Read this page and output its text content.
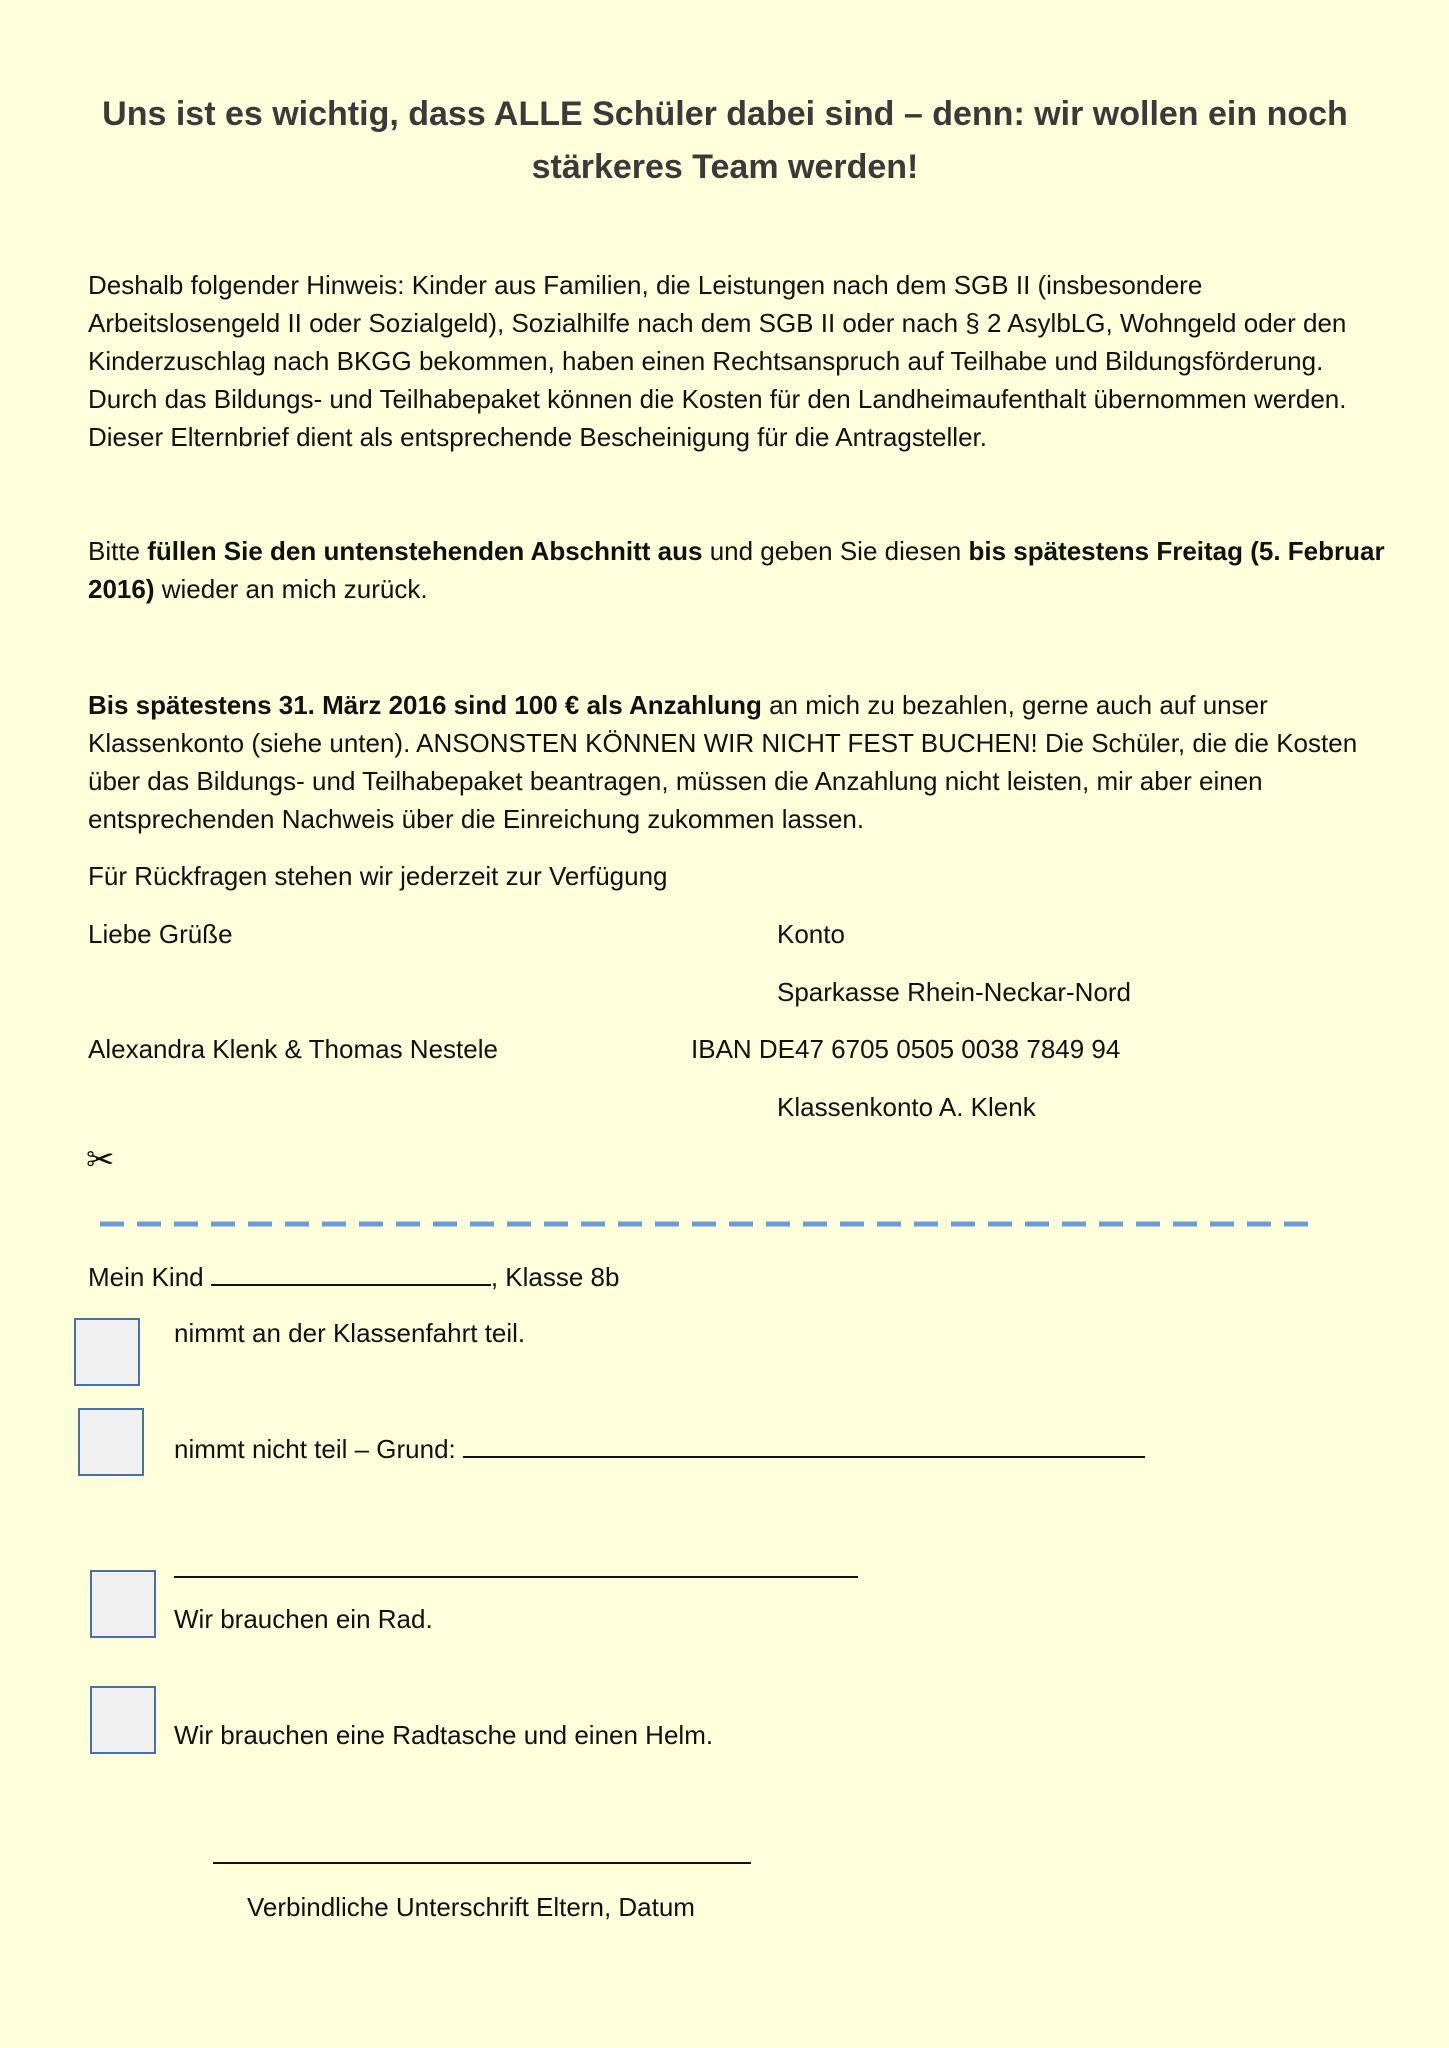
Uns ist es wichtig, dass ALLE Schüler dabei sind – denn: wir wollen ein noch stärkeres Team werden!

Deshalb folgender Hinweis: Kinder aus Familien, die Leistungen nach dem SGB II (insbesondere Arbeitslosengeld II oder Sozialgeld), Sozialhilfe nach dem SGB II oder nach § 2 AsylbLG, Wohngeld oder den Kinderzuschlag nach BKGG bekommen, haben einen Rechtsanspruch auf Teilhabe und Bildungsförderung. Durch das Bildungs- und Teilhabepaket können die Kosten für den Landheimaufenthalt übernommen werden. Dieser Elternbrief dient als entsprechende Bescheinigung für die Antragsteller.

Bitte füllen Sie den untenstehenden Abschnitt aus und geben Sie diesen bis spätestens Freitag (5. Februar 2016) wieder an mich zurück.

Bis spätestens 31. März 2016 sind 100 € als Anzahlung an mich zu bezahlen, gerne auch auf unser Klassenkonto (siehe unten). ANSONSTEN KÖNNEN WIR NICHT FEST BUCHEN! Die Schüler, die die Kosten über das Bildungs- und Teilhabepaket beantragen, müssen die Anzahlung nicht leisten, mir aber einen entsprechenden Nachweis über die Einreichung zukommen lassen.

Für Rückfragen stehen wir jederzeit zur Verfügung
Liebe Grüße
Alexandra Klenk & Thomas Nestele
Konto
Sparkasse Rhein-Neckar-Nord
IBAN DE47 6705 0505 0038 7849 94
Klassenkonto A. Klenk
✂
Mein Kind	, Klasse 8b
nimmt an der Klassenfahrt teil.
nimmt nicht teil – Grund:
Wir brauchen ein Rad.
Wir brauchen eine Radtasche und einen Helm.
Verbindliche Unterschrift Eltern, Datum
